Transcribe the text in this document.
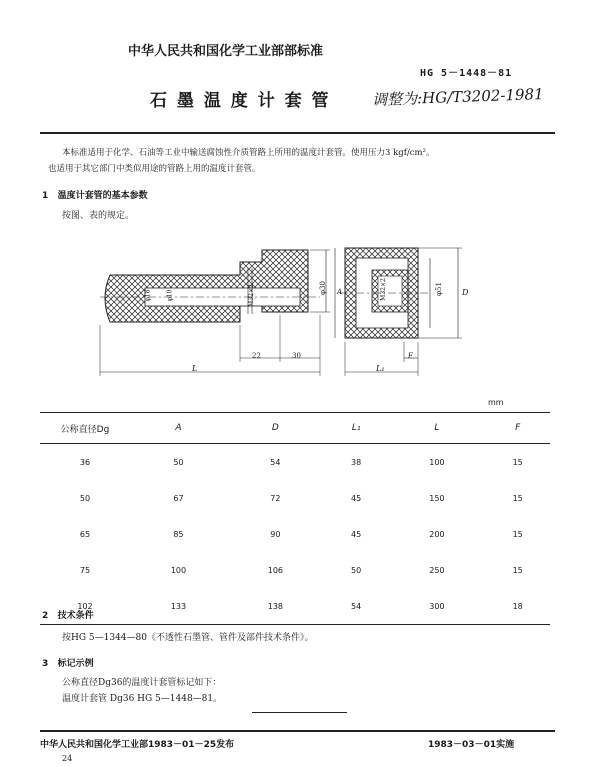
中华人民共和国化学工业部部标准
HG 5－1448－81
石 墨 温 度 计 套 管	调整为:HG/T3202-1981
本标准适用于化学、石油等工业中输送腐蚀性介质管路上所用的温度计套管。使用压力3 kgf/cm²。
也适用于其它部门中类似用途的管路上用的温度计套管。
1 温度计套管的基本参数
按图、表的规定。
L
22	30
φ30
φ18	φ10	M32×2	A	M32×2	φ51 D
F
L₁
mm
公称直径Dg	A	D	L₁	L	F
36	50	54	38	100	15
50	67	72	45	150	15
65	85	90	45	200	15
75	100	106	50	250	15
102	133	138	54	300	18
2 技术条件
按HG 5—1344—80《不透性石墨管、管件及部件技术条件》。
3 标记示例
公称直径Dg36的温度计套管标记如下：
温度计套管 Dg36 HG 5—1448—81。
中华人民共和国化学工业部1983－01－25发布	1983－03－01实施
24
